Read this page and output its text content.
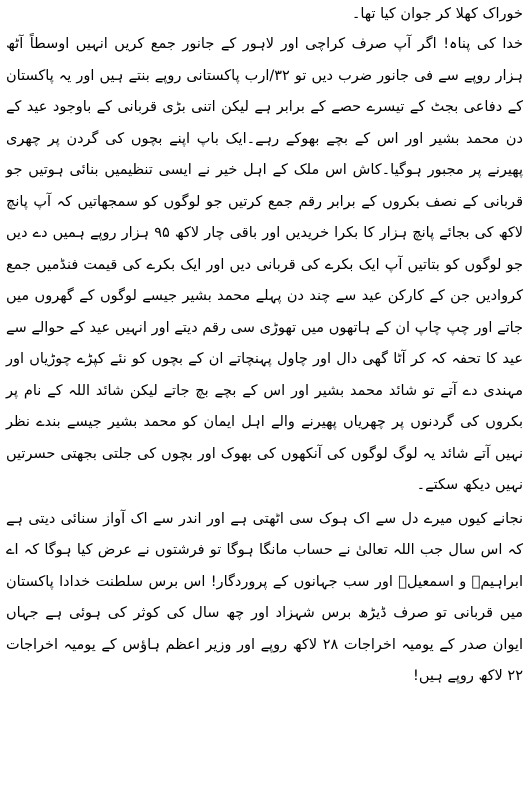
خوراک کھلا کر جوان کیا تھا۔

خدا کی پناہ! اگر آپ صرف کراچی اور لاہور کے جانور جمع کریں انہیں اوسطاً آٹھ ہزار روپے سے فی جانور ضرب دیں تو ۳۲/ارب پاکستانی روپے بنتے ہیں اور یہ پاکستان کے دفاعی بجٹ کے تیسرے حصے کے برابر ہے لیکن اتنی بڑی قربانی کے باوجود عید کے دن محمد بشیر اور اس کے بچے بھوکے رہے۔ایک باپ اپنے بچوں کی گردن پر چھری پھیرنے پر مجبور ہوگیا۔کاش اس ملک کے اہل خیر نے ایسی تنظیمیں بنائی ہوتیں جو قربانی کے نصف بکروں کے برابر رقم جمع کرتیں جو لوگوں کو سمجھاتیں کہ آپ پانچ لاکھ کی بجائے پانچ ہزار کا بکرا خریدیں اور باقی چار لاکھ ۹۵ ہزار روپے ہمیں دے دیں جو لوگوں کو بتاتیں آپ ایک بکرے کی قربانی دیں اور ایک بکرے کی قیمت فنڈمیں جمع کروادیں جن کے کارکن عید سے چند دن پہلے محمد بشیر جیسے لوگوں کے گھروں میں جاتے اور چپ چاپ ان کے ہاتھوں میں تھوڑی سی رقم دیتے اور انہیں عید کے حوالے سے عید کا تحفہ کہ کر آٹا گھی دال اور چاول پہنچاتے ان کے بچوں کو نئے کپڑے چوڑیاں اور مہندی دے آتے تو شائد محمد بشیر اور اس کے بچے بچ جاتے لیکن شائد اللہ کے نام پر بکروں کی گردنوں پر چھریاں پھیرنے والے اہل ایمان کو محمد بشیر جیسے بندے نظر نہیں آتے شائد یہ لوگ لوگوں کی آنکھوں کی بھوک اور بچوں کی جلتی بجھتی حسرتیں نہیں دیکھ سکتے۔

نجانے کیوں میرے دل سے اک ہوک سی اٹھتی ہے اور اندر سے اک آواز سنائی دیتی ہے کہ اس سال جب اللہ تعالیٰ نے حساب مانگا ہوگا تو فرشتوں نے عرض کیا ہوگا کہ اے ابراہیمؑ و اسمعیلؑ اور سب جہانوں کے پروردگار! اس برس سلطنت خدادا پاکستان میں قربانی تو صرف ڈیڑھ برس شہزاد اور چھ سال کی کوثر کی ہوئی ہے جہاں ایوان صدر کے یومیہ اخراجات ۲۸ لاکھ روپے اور وزیر اعظم ہاؤس کے یومیہ اخراجات ۲۲ لاکھ روپے ہیں!
